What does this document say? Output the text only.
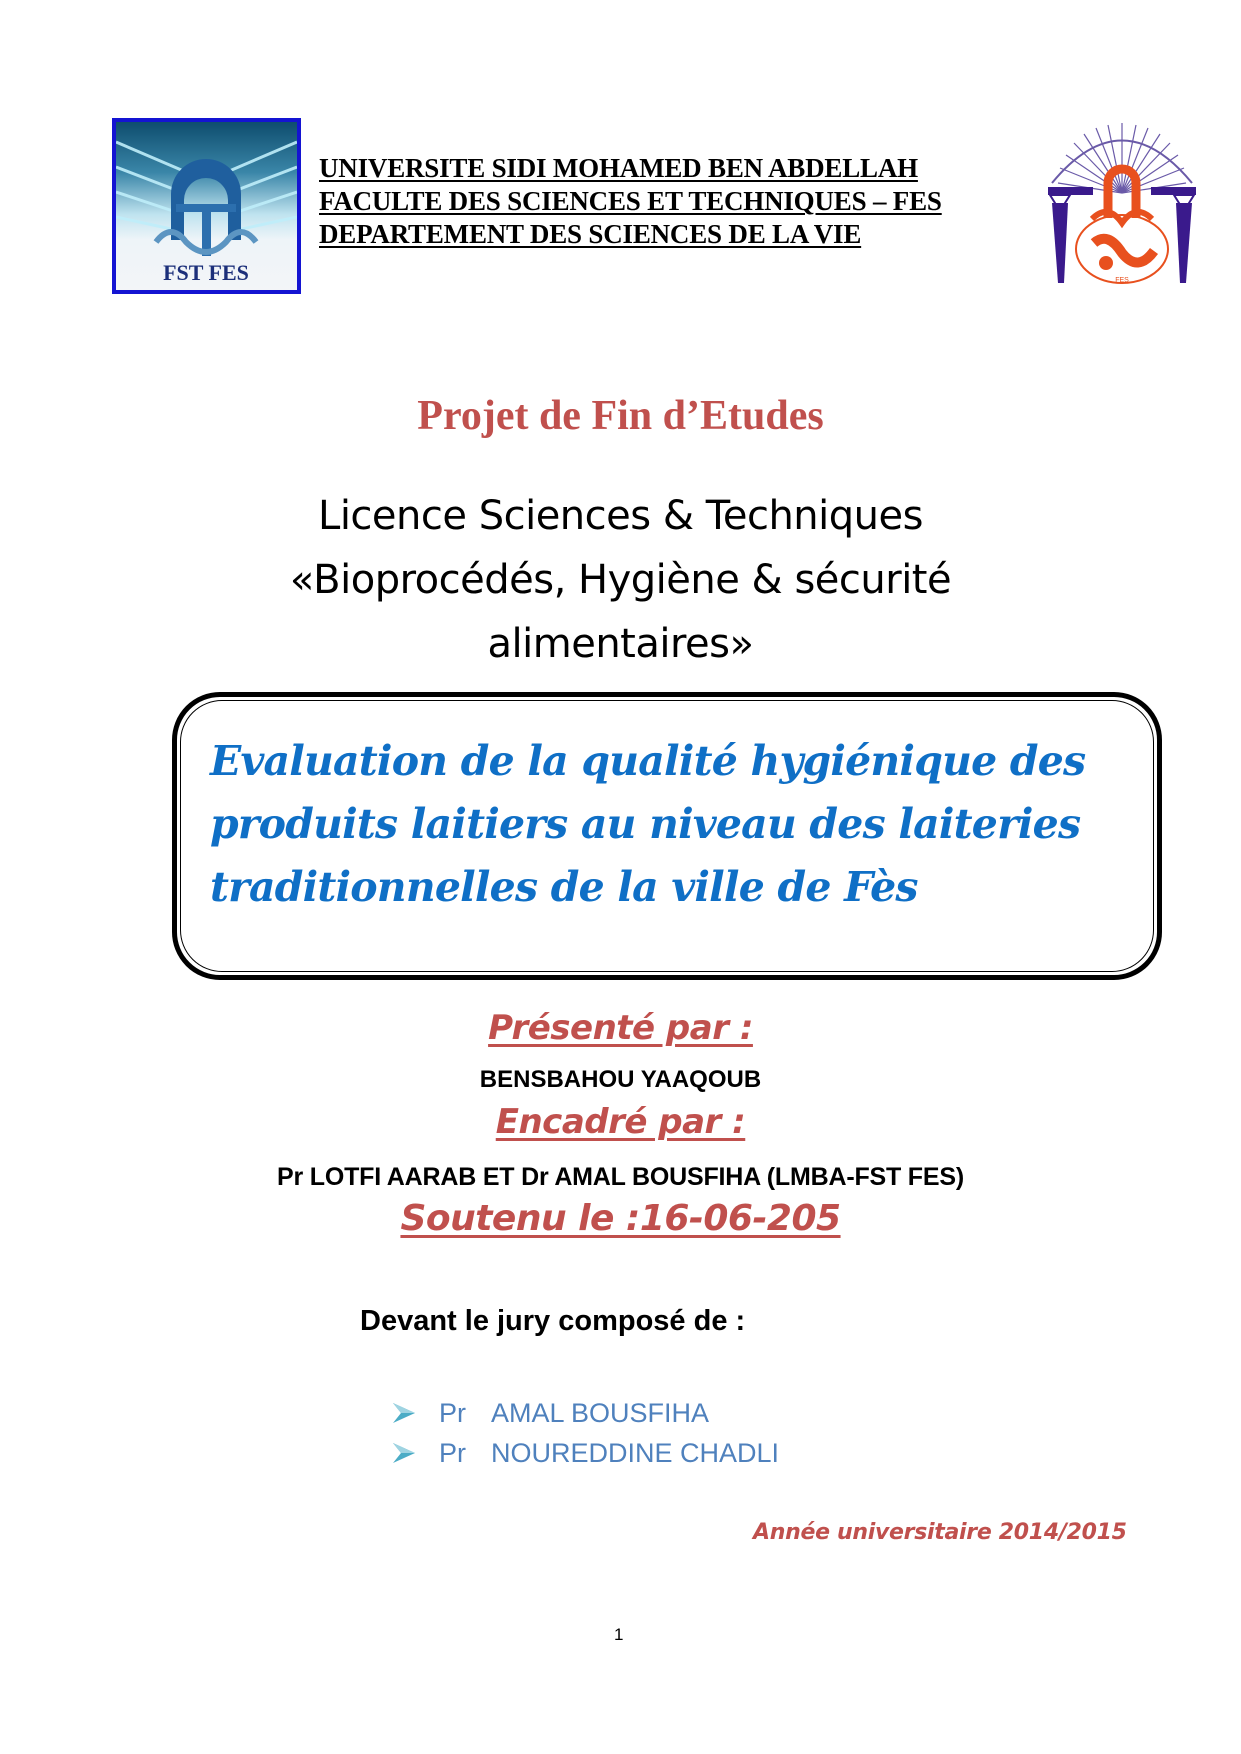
FST FES
UNIVERSITE SIDI MOHAMED BEN ABDELLAH
FACULTE DES SCIENCES ET TECHNIQUES – FES
DEPARTEMENT DES SCIENCES DE LA VIE
FES
Projet de Fin d’Etudes
Licence Sciences & Techniques
«Bioprocédés, Hygiène & sécurité
alimentaires»
Evaluation de la qualité hygiénique des
produits laitiers au niveau des laiteries
traditionnelles de la ville de Fès
Présenté par :
BENSBAHOU YAAQOUB
Encadré par :
Pr LOTFI AARAB ET Dr AMAL BOUSFIHA (LMBA-FST FES)
Soutenu le :16-06-205
Devant le jury composé de :
Pr AMAL BOUSFIHA
Pr NOUREDDINE CHADLI
Année universitaire 2014/2015
1
